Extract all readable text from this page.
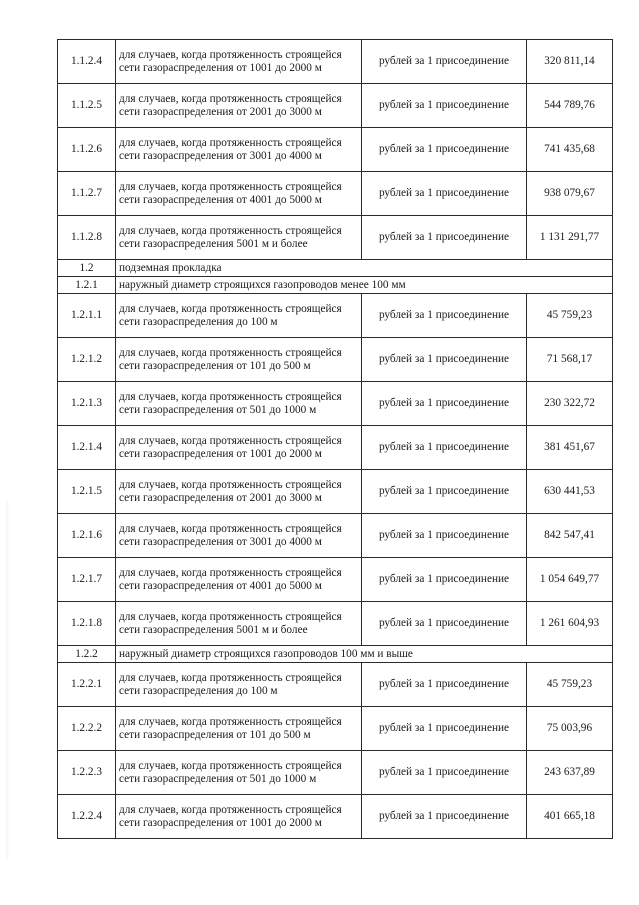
1.1.2.4	для случаев, когда протяженность строящейся сети газораспределения от 1001 до 2000 м	рублей за 1 присоединение	320 811,14
1.1.2.5	для случаев, когда протяженность строящейся сети газораспределения от 2001 до 3000 м	рублей за 1 присоединение	544 789,76
1.1.2.6	для случаев, когда протяженность строящейся сети газораспределения от 3001 до 4000 м	рублей за 1 присоединение	741 435,68
1.1.2.7	для случаев, когда протяженность строящейся сети газораспределения от 4001 до 5000 м	рублей за 1 присоединение	938 079,67
1.1.2.8	для случаев, когда протяженность строящейся сети газораспределения 5001 м и более	рублей за 1 присоединение	1 131 291,77
1.2	подземная прокладка		
1.2.1	наружный диаметр строящихся газопроводов менее 100 мм		
1.2.1.1	для случаев, когда протяженность строящейся сети газораспределения до 100 м	рублей за 1 присоединение	45 759,23
1.2.1.2	для случаев, когда протяженность строящейся сети газораспределения от 101 до 500 м	рублей за 1 присоединение	71 568,17
1.2.1.3	для случаев, когда протяженность строящейся сети газораспределения от 501 до 1000 м	рублей за 1 присоединение	230 322,72
1.2.1.4	для случаев, когда протяженность строящейся сети газораспределения от 1001 до 2000 м	рублей за 1 присоединение	381 451,67
1.2.1.5	для случаев, когда протяженность строящейся сети газораспределения от 2001 до 3000 м	рублей за 1 присоединение	630 441,53
1.2.1.6	для случаев, когда протяженность строящейся сети газораспределения от 3001 до 4000 м	рублей за 1 присоединение	842 547,41
1.2.1.7	для случаев, когда протяженность строящейся сети газораспределения от 4001 до 5000 м	рублей за 1 присоединение	1 054 649,77
1.2.1.8	для случаев, когда протяженность строящейся сети газораспределения 5001 м и более	рублей за 1 присоединение	1 261 604,93
1.2.2	наружный диаметр строящихся газопроводов 100 мм и выше		
1.2.2.1	для случаев, когда протяженность строящейся сети газораспределения до 100 м	рублей за 1 присоединение	45 759,23
1.2.2.2	для случаев, когда протяженность строящейся сети газораспределения от 101 до 500 м	рублей за 1 присоединение	75 003,96
1.2.2.3	для случаев, когда протяженность строящейся сети газораспределения от 501 до 1000 м	рублей за 1 присоединение	243 637,89
1.2.2.4	для случаев, когда протяженность строящейся сети газораспределения от 1001 до 2000 м	рублей за 1 присоединение	401 665,18
